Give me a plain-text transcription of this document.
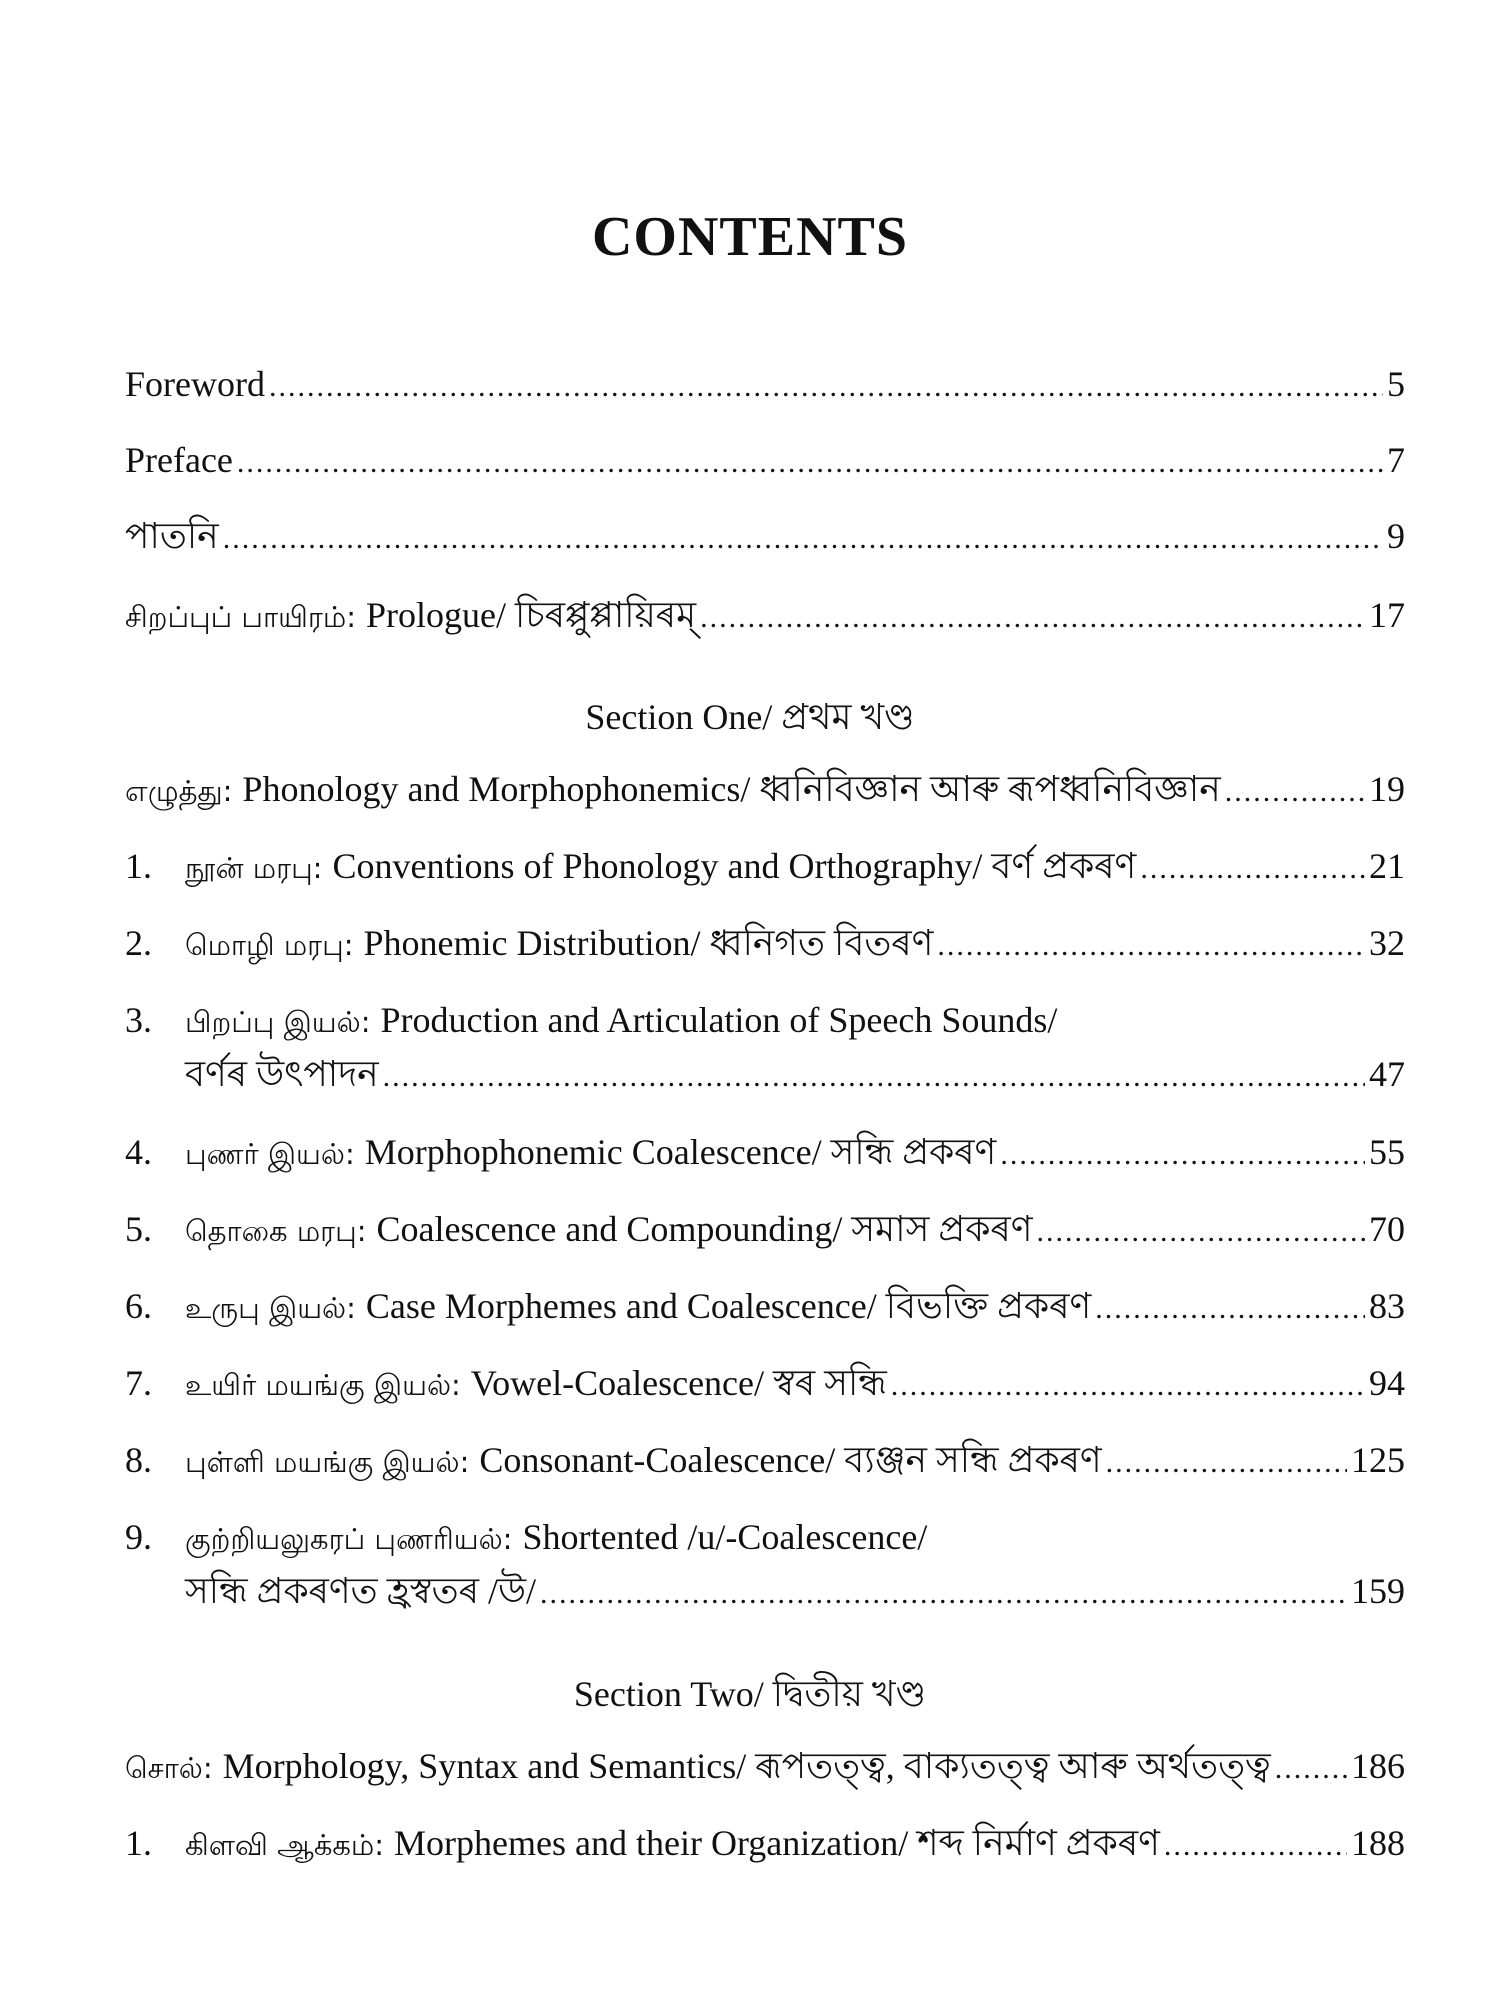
CONTENTS
Foreword .....	5
Preface .....	7
পাতনি .....	9
சிறப்புப் பாயிரம்: Prologue/ চিৰপ্পুপ্পায়িৰম্ .....	17
Section One/ প্ৰথম খণ্ড
எழுத்து: Phonology and Morphophonemics/ ধ্বনিবিজ্ঞান আৰু ৰূপধ্বনিবিজ্ঞান .....	19
1.	நூன் மரபு: Conventions of Phonology and Orthography/ বৰ্ণ প্ৰকৰণ .....	21
2.	மொழி மரபு: Phonemic Distribution/ ধ্বনিগত বিতৰণ .....	32
3.	பிறப்பு இயல்: Production and Articulation of Speech Sounds/
বৰ্ণৰ উৎপাদন .....	47
4.	புணர் இயல்: Morphophonemic Coalescence/ সন্ধি প্ৰকৰণ .....	55
5.	தொகை மரபு: Coalescence and Compounding/ সমাস প্ৰকৰণ .....	70
6.	உருபு இயல்: Case Morphemes and Coalescence/ বিভক্তি প্ৰকৰণ .....	83
7.	உயிர் மயங்கு இயல்: Vowel-Coalescence/ স্বৰ সন্ধি .....	94
8.	புள்ளி மயங்கு இயல்: Consonant-Coalescence/ ব্যঞ্জন সন্ধি প্ৰকৰণ .....	125
9.	குற்றியலுகரப் புணரியல்: Shortented /u/-Coalescence/
সন্ধি প্ৰকৰণত হ্ৰস্বতৰ /উ/ .....	159
Section Two/ দ্বিতীয় খণ্ড
சொல்: Morphology, Syntax and Semantics/ ৰূপতত্ত্ব, বাক্যতত্ত্ব আৰু অৰ্থতত্ত্ব ..... 186
1.	கிளவி ஆக்கம்: Morphemes and their Organization/ শব্দ নিৰ্মাণ প্ৰকৰণ .....	188
